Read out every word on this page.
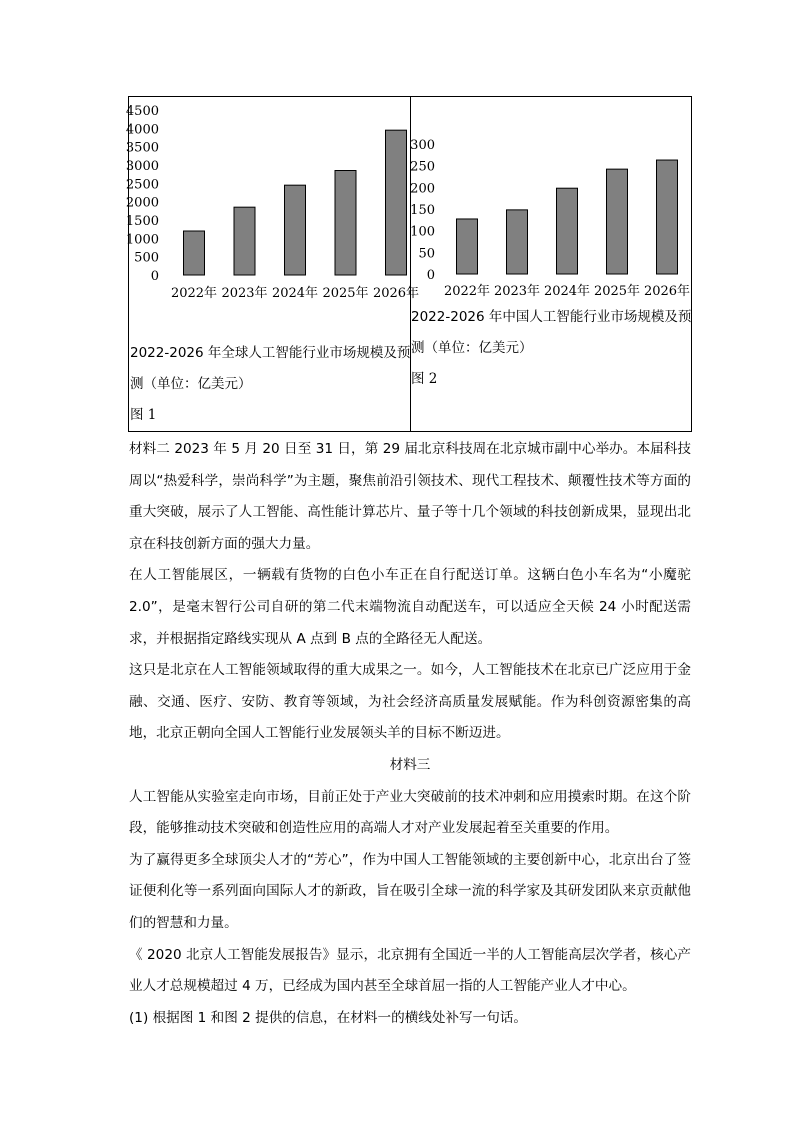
0
500
1000
1500
2000
2500
3000
3500
4000
4500
2022年 2023年 2024年 2025年 2026年
0
50
100
150
200
250
300
2022年 2023年 2024年 2025年 2026年
2022-2026 年全球人工智能行业市场规模及预
测（单位：亿美元）
图 1
2022-2026 年中国人工智能行业市场规模及预
测（单位：亿美元）
图 2

材料二 2023 年 5 月 20 日至 31 日，第 29 届北京科技周在北京城市副中心举办。本届科技周以“热爱科学，崇尚科学”为主题，聚焦前沿引领技术、现代工程技术、颠覆性技术等方面的重大突破，展示了人工智能、高性能计算芯片、量子等十几个领域的科技创新成果，显现出北京在科技创新方面的强大力量。

在人工智能展区，一辆载有货物的白色小车正在自行配送订单。这辆白色小车名为“小魔驼 2.0”，是毫末智行公司自研的第二代末端物流自动配送车，可以适应全天候 24 小时配送需求，并根据指定路线实现从 A 点到 B 点的全路径无人配送。

这只是北京在人工智能领域取得的重大成果之一。如今，人工智能技术在北京已广泛应用于金融、交通、医疗、安防、教育等领域，为社会经济高质量发展赋能。作为科创资源密集的高地，北京正朝向全国人工智能行业发展领头羊的目标不断迈进。

材料三

人工智能从实验室走向市场，目前正处于产业大突破前的技术冲刺和应用摸索时期。在这个阶段，能够推动技术突破和创造性应用的高端人才对产业发展起着至关重要的作用。

为了赢得更多全球顶尖人才的“芳心”，作为中国人工智能领域的主要创新中心，北京出台了签证便利化等一系列面向国际人才的新政，旨在吸引全球一流的科学家及其研发团队来京贡献他们的智慧和力量。

《 2020 北京人工智能发展报告》显示，北京拥有全国近一半的人工智能高层次学者，核心产业人才总规模超过 4 万，已经成为国内甚至全球首屈一指的人工智能产业人才中心。

(1) 根据图 1 和图 2 提供的信息，在材料一的横线处补写一句话。
